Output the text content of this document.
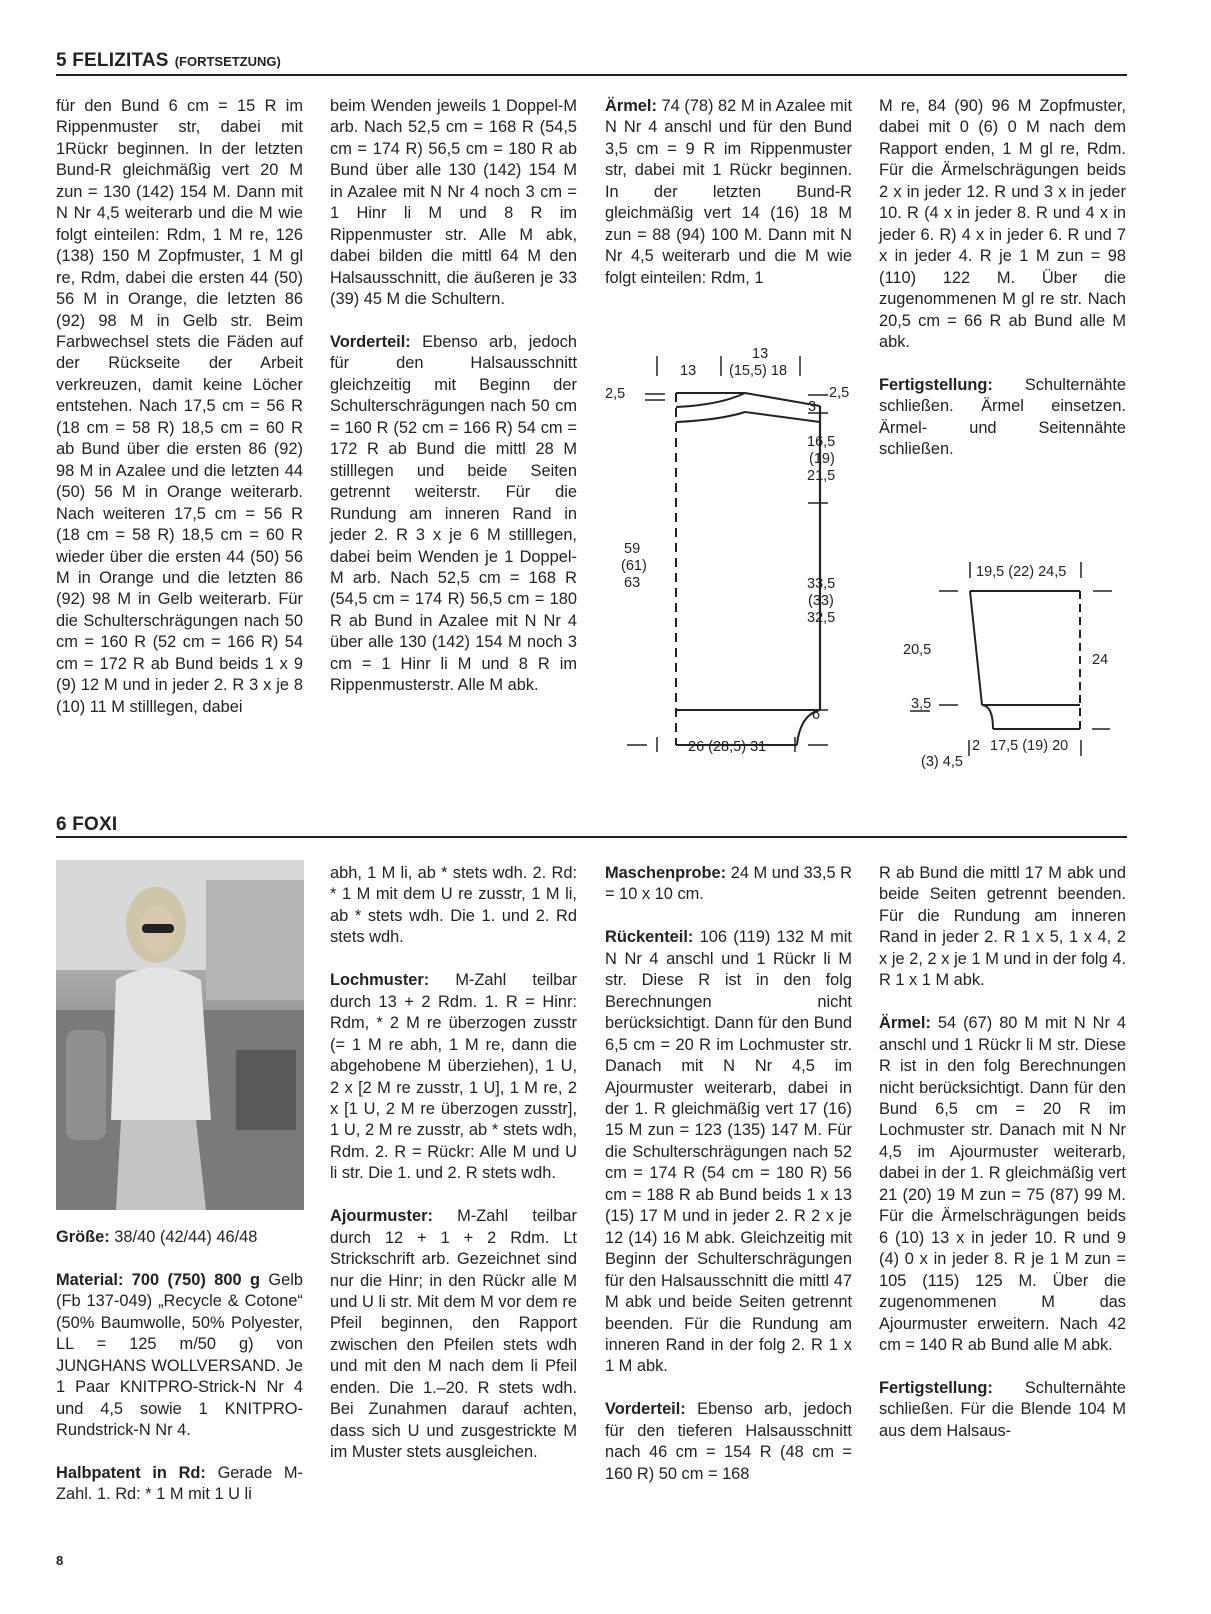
5 FELIZITAS (FORTSETZUNG)

für den Bund 6 cm = 15 R im Rippenmuster str, dabei mit 1Rückr beginnen. In der letzten Bund-R gleichmäßig vert 20 M zun = 130 (142) 154 M. Dann mit N Nr 4,5 weiterarb und die M wie folgt einteilen: Rdm, 1 M re, 126 (138) 150 M Zopfmuster, 1 M gl re, Rdm, dabei die ersten 44 (50) 56 M in Orange, die letzten 86 (92) 98 M in Gelb str. Beim Farbwechsel stets die Fäden auf der Rückseite der Arbeit verkreuzen, damit keine Löcher entstehen. Nach 17,5 cm = 56 R (18 cm = 58 R) 18,5 cm = 60 R ab Bund über die ersten 86 (92) 98 M in Azalee und die letzten 44 (50) 56 M in Orange weiterarb. Nach weiteren 17,5 cm = 56 R (18 cm = 58 R) 18,5 cm = 60 R wieder über die ersten 44 (50) 56 M in Orange und die letzten 86 (92) 98 M in Gelb weiterarb. Für die Schulterschrägungen nach 50 cm = 160 R (52 cm = 166 R) 54 cm = 172 R ab Bund beids 1 x 9 (9) 12 M und in jeder 2. R 3 x je 8 (10) 11 M stilllegen, dabei

beim Wenden jeweils 1 Doppel-M arb. Nach 52,5 cm = 168 R (54,5 cm = 174 R) 56,5 cm = 180 R ab Bund über alle 130 (142) 154 M in Azalee mit N Nr 4 noch 3 cm = 1 Hinr li M und 8 R im Rippenmuster str. Alle M abk, dabei bilden die mittl 64 M den Halsausschnitt, die äußeren je 33 (39) 45 M die Schultern.

Vorderteil: Ebenso arb, jedoch für den Halsausschnitt gleichzeitig mit Beginn der Schulterschrägungen nach 50 cm = 160 R (52 cm = 166 R) 54 cm = 172 R ab Bund die mittl 28 M stilllegen und beide Seiten getrennt weiterstr. Für die Rundung am inneren Rand in jeder 2. R 3 x je 6 M stilllegen, dabei beim Wenden je 1 Doppel-M arb. Nach 52,5 cm = 168 R (54,5 cm = 174 R) 56,5 cm = 180 R ab Bund in Azalee mit N Nr 4 über alle 130 (142) 154 M noch 3 cm = 1 Hinr li M und 8 R im Rippenmusterstr. Alle M abk.

Ärmel: 74 (78) 82 M in Azalee mit N Nr 4 anschl und für den Bund 3,5 cm = 9 R im Rippenmuster str, dabei mit 1 Rückr beginnen. In der letzten Bund-R gleichmäßig vert 14 (16) 18 M zun = 88 (94) 100 M. Dann mit N Nr 4,5 weiterarb und die M wie folgt einteilen: Rdm, 1

M re, 84 (90) 96 M Zopfmuster, dabei mit 0 (6) 0 M nach dem Rapport enden, 1 M gl re, Rdm. Für die Ärmelschrägungen beids 2 x in jeder 12. R und 3 x in jeder 10. R (4 x in jeder 8. R und 4 x in jeder 6. R) 4 x in jeder 6. R und 7 x in jeder 4. R je 1 M zun = 98 (110) 122 M. Über die zugenommenen M gl re str. Nach 20,5 cm = 66 R ab Bund alle M abk.

Fertigstellung: Schulternähte schließen. Ärmel einsetzen. Ärmel- und Seitennähte schließen.

13
13
(15,5) 18
2,5	2,5
3
16,5
(19)
21,5
59
(61)
63	33,5
(33)
32,5
6
26 (28,5) 31
19,5 (22) 24,5
20,5
24
3,5
2 17,5 (19) 20
(3) 4,5
6 FOXI

Größe: 38/40 (42/44) 46/48

Material: 700 (750) 800 g Gelb (Fb 137-049) „Recycle & Cotone“ (50% Baumwolle, 50% Polyester, LL = 125 m/50 g) von JUNGHANS WOLLVERSAND. Je 1 Paar KNITPRO-Strick-N Nr 4 und 4,5 sowie 1 KNITPRO-Rundstrick-N Nr 4.

Halbpatent in Rd: Gerade M-Zahl. 1. Rd: * 1 M mit 1 U li

abh, 1 M li, ab * stets wdh. 2. Rd: * 1 M mit dem U re zusstr, 1 M li, ab * stets wdh. Die 1. und 2. Rd stets wdh.

Lochmuster: M-Zahl teilbar durch 13 + 2 Rdm. 1. R = Hinr: Rdm, * 2 M re überzogen zusstr (= 1 M re abh, 1 M re, dann die abgehobene M überziehen), 1 U, 2 x [2 M re zusstr, 1 U], 1 M re, 2 x [1 U, 2 M re überzogen zusstr], 1 U, 2 M re zusstr, ab * stets wdh, Rdm. 2. R = Rückr: Alle M und U li str. Die 1. und 2. R stets wdh.

Ajourmuster: M-Zahl teilbar durch 12 + 1 + 2 Rdm. Lt Strickschrift arb. Gezeichnet sind nur die Hinr; in den Rückr alle M und U li str. Mit dem M vor dem re Pfeil beginnen, den Rapport zwischen den Pfeilen stets wdh und mit den M nach dem li Pfeil enden. Die 1.–20. R stets wdh. Bei Zunahmen darauf achten, dass sich U und zusgestrickte M im Muster stets ausgleichen.

Maschenprobe: 24 M und 33,5 R = 10 x 10 cm.

Rückenteil: 106 (119) 132 M mit N Nr 4 anschl und 1 Rückr li M str. Diese R ist in den folg Berechnungen nicht berücksichtigt. Dann für den Bund 6,5 cm = 20 R im Lochmuster str. Danach mit N Nr 4,5 im Ajourmuster weiterarb, dabei in der 1. R gleichmäßig vert 17 (16) 15 M zun = 123 (135) 147 M. Für die Schulterschrägungen nach 52 cm = 174 R (54 cm = 180 R) 56 cm = 188 R ab Bund beids 1 x 13 (15) 17 M und in jeder 2. R 2 x je 12 (14) 16 M abk. Gleichzeitig mit Beginn der Schulterschrägungen für den Halsausschnitt die mittl 47 M abk und beide Seiten getrennt beenden. Für die Rundung am inneren Rand in der folg 2. R 1 x 1 M abk.

Vorderteil: Ebenso arb, jedoch für den tieferen Halsausschnitt nach 46 cm = 154 R (48 cm = 160 R) 50 cm = 168

R ab Bund die mittl 17 M abk und beide Seiten getrennt beenden. Für die Rundung am inneren Rand in jeder 2. R 1 x 5, 1 x 4, 2 x je 2, 2 x je 1 M und in der folg 4. R 1 x 1 M abk.

Ärmel: 54 (67) 80 M mit N Nr 4 anschl und 1 Rückr li M str. Diese R ist in den folg Berechnungen nicht berücksichtigt. Dann für den Bund 6,5 cm = 20 R im Lochmuster str. Danach mit N Nr 4,5 im Ajourmuster weiterarb, dabei in der 1. R gleichmäßig vert 21 (20) 19 M zun = 75 (87) 99 M. Für die Ärmelschrägungen beids 6 (10) 13 x in jeder 10. R und 9 (4) 0 x in jeder 8. R je 1 M zun = 105 (115) 125 M. Über die zugenommenen M das Ajourmuster erweitern. Nach 42 cm = 140 R ab Bund alle M abk.

Fertigstellung: Schulternähte schließen. Für die Blende 104 M aus dem Halsaus-

8
